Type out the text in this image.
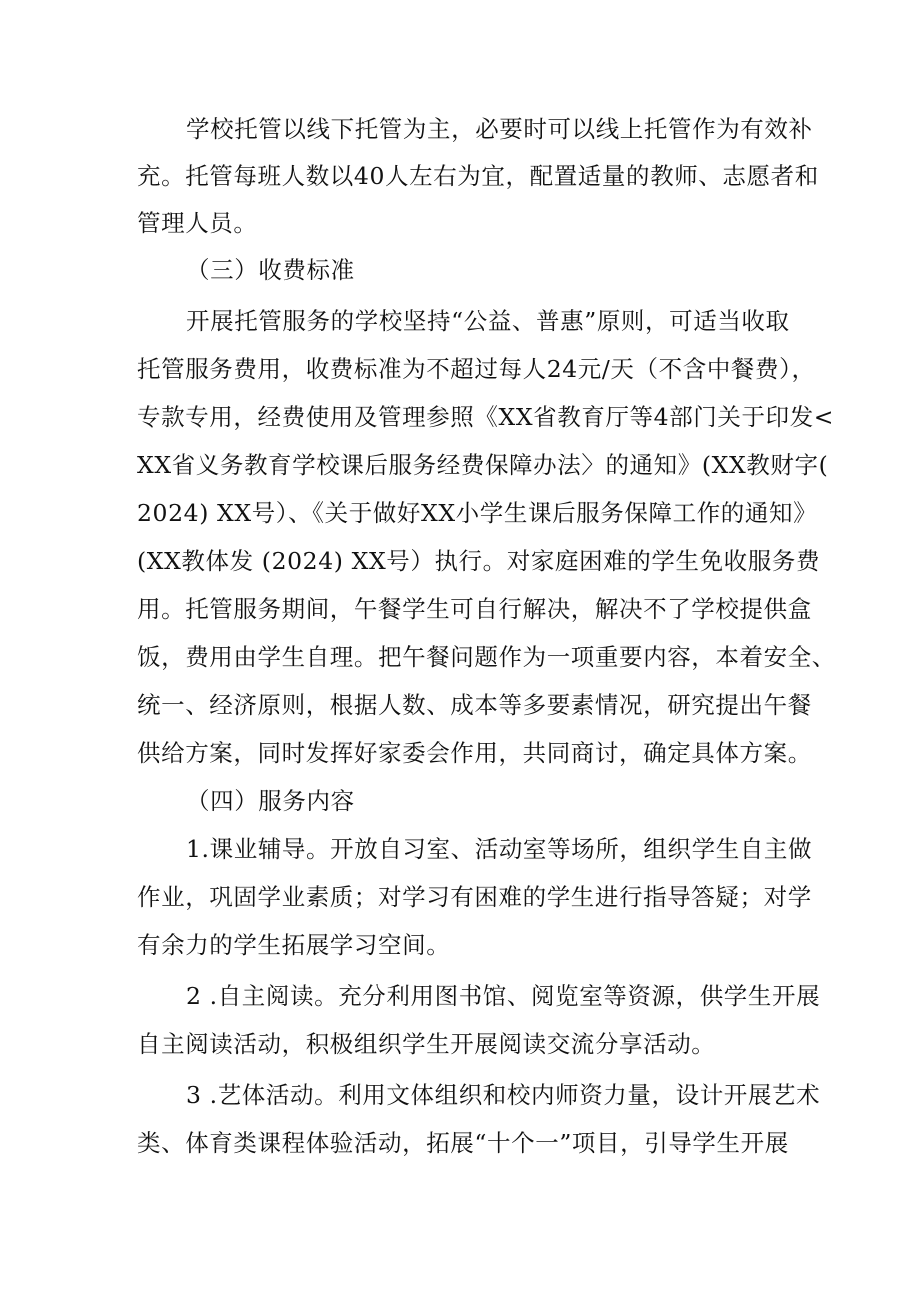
学校托管以线下托管为主，必要时可以线上托管作为有效补
充。托管每班人数以40人左右为宜，配置适量的教师、志愿者和
管理人员。
（三）收费标准
开展托管服务的学校坚持“公益、普惠”原则，可适当收取
托管服务费用，收费标准为不超过每人24元/天（不含中餐费），
专款专用，经费使用及管理参照《XX省教育厅等4部门关于印发<
XX省义务教育学校课后服务经费保障办法〉的通知》(XX教财字(
2024) XX号）、《关于做好XX小学生课后服务保障工作的通知》
(XX教体发 (2024) XX号）执行。对家庭困难的学生免收服务费
用。托管服务期间，午餐学生可自行解决，解决不了学校提供盒
饭，费用由学生自理。把午餐问题作为一项重要内容，本着安全、
统一、经济原则，根据人数、成本等多要素情况，研究提出午餐
供给方案，同时发挥好家委会作用，共同商讨，确定具体方案。
（四）服务内容
1.课业辅导。开放自习室、活动室等场所，组织学生自主做
作业，巩固学业素质；对学习有困难的学生进行指导答疑；对学
有余力的学生拓展学习空间。
2 .自主阅读。充分利用图书馆、阅览室等资源，供学生开展
自主阅读活动，积极组织学生开展阅读交流分享活动。
3 .艺体活动。利用文体组织和校内师资力量，设计开展艺术
类、体育类课程体验活动，拓展“十个一”项目，引导学生开展
